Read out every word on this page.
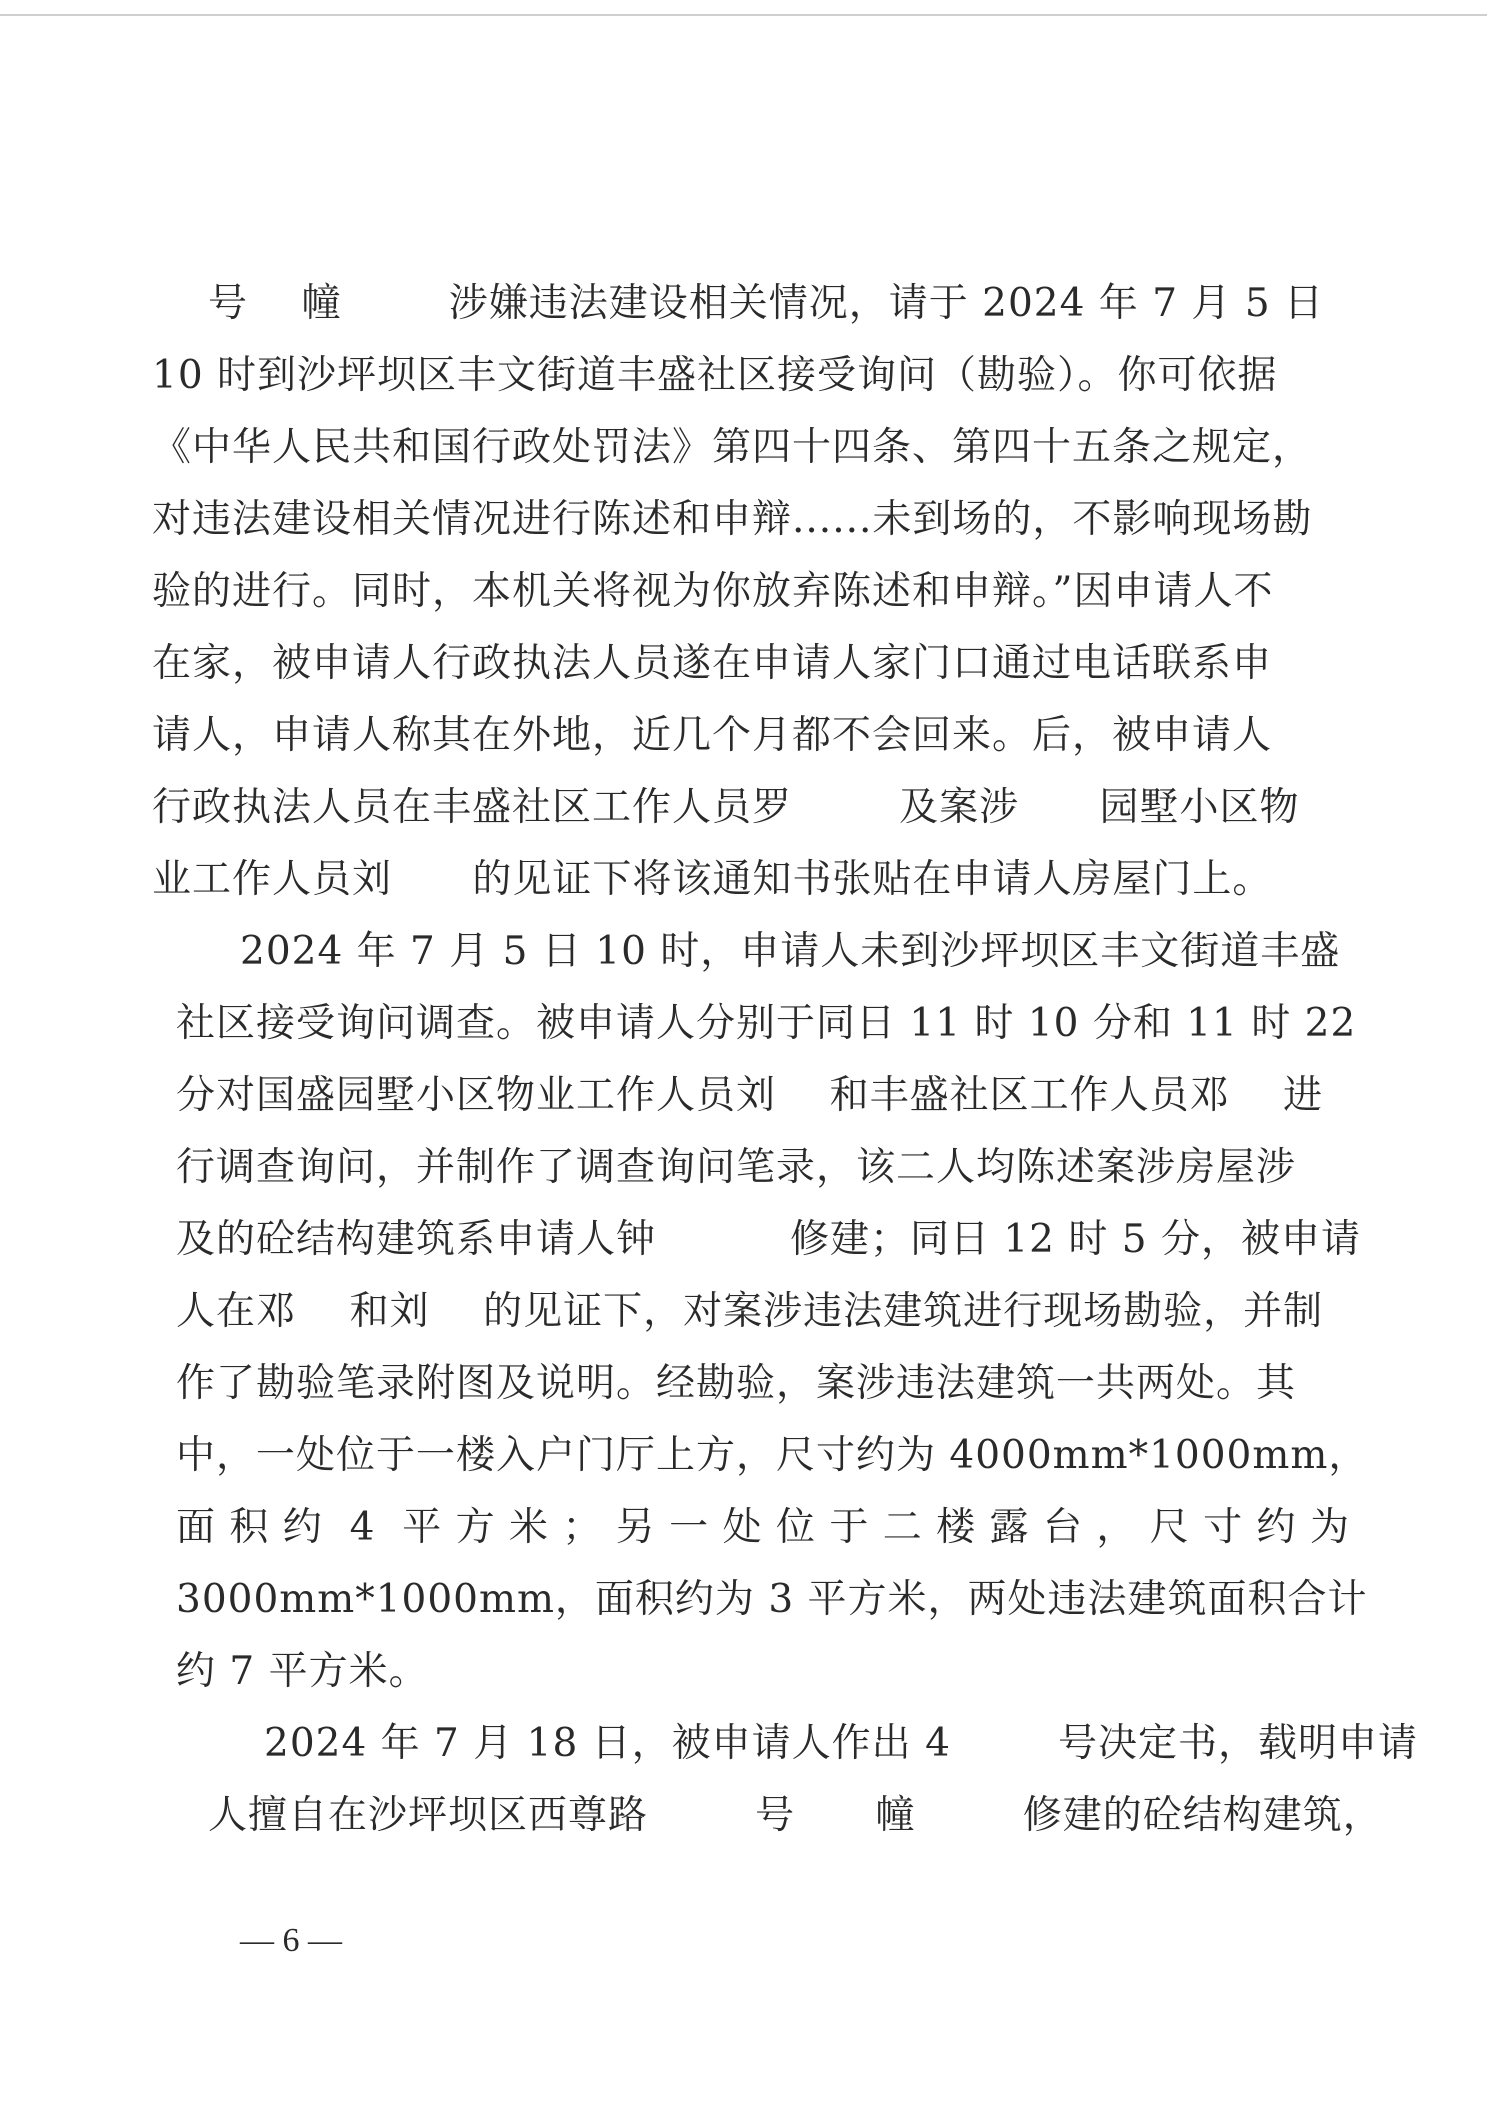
号    幢        涉嫌违法建设相关情况，请于 2024 年 7 月 5 日
10 时到沙坪坝区丰文街道丰盛社区接受询问（勘验）。你可依据
《中华人民共和国行政处罚法》第四十四条、第四十五条之规定，
对违法建设相关情况进行陈述和申辩......未到场的，不影响现场勘
验的进行。同时，本机关将视为你放弃陈述和申辩。”因申请人不
在家，被申请人行政执法人员遂在申请人家门口通过电话联系申
请人，申请人称其在外地，近几个月都不会回来。后，被申请人
行政执法人员在丰盛社区工作人员罗        及案涉      园墅小区物
业工作人员刘      的见证下将该通知书张贴在申请人房屋门上。
2024 年 7 月 5 日 10 时，申请人未到沙坪坝区丰文街道丰盛
社区接受询问调查。被申请人分别于同日 11 时 10 分和 11 时 22
分对国盛园墅小区物业工作人员刘    和丰盛社区工作人员邓    进
行调查询问，并制作了调查询问笔录，该二人均陈述案涉房屋涉
及的砼结构建筑系申请人钟          修建；同日 12 时 5 分，被申请
人在邓    和刘    的见证下，对案涉违法建筑进行现场勘验，并制
作了勘验笔录附图及说明。经勘验，案涉违法建筑一共两处。其
中，一处位于一楼入户门厅上方，尺寸约为 4000mm*1000mm，
面 积 约  4  平 方 米 ； 另 一 处 位 于 二 楼 露 台 ， 尺 寸 约 为
3000mm*1000mm，面积约为 3 平方米，两处违法建筑面积合计
约 7 平方米。
2024 年 7 月 18 日，被申请人作出 4        号决定书，载明申请
人擅自在沙坪坝区西尊路        号      幢        修建的砼结构建筑，
— 6 —
